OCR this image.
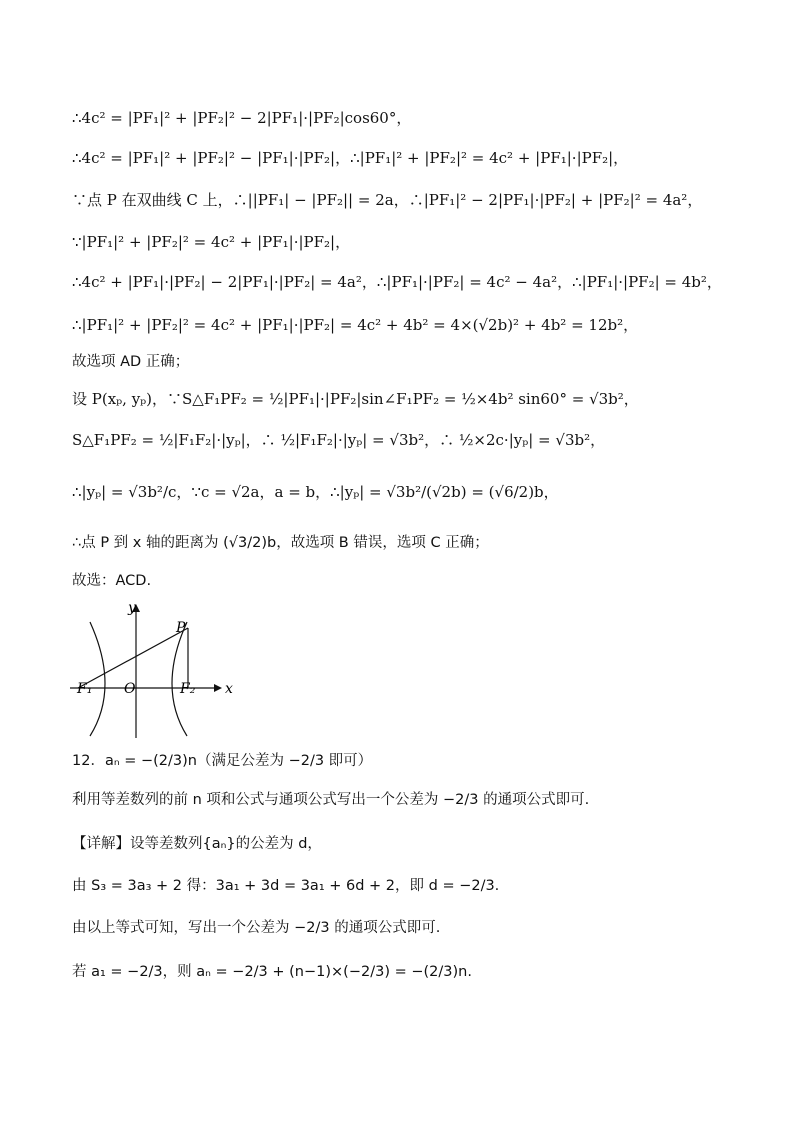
∴4c² = |PF₁|² + |PF₂|² − 2|PF₁|·|PF₂|cos60°，
∴4c² = |PF₁|² + |PF₂|² − |PF₁|·|PF₂|，∴|PF₁|² + |PF₂|² = 4c² + |PF₁|·|PF₂|，
∵点 P 在双曲线 C 上，∴||PF₁| − |PF₂|| = 2a，∴|PF₁|² − 2|PF₁|·|PF₂| + |PF₂|² = 4a²，
∵|PF₁|² + |PF₂|² = 4c² + |PF₁|·|PF₂|，
∴4c² + |PF₁|·|PF₂| − 2|PF₁|·|PF₂| = 4a²，∴|PF₁|·|PF₂| = 4c² − 4a²，∴|PF₁|·|PF₂| = 4b²，
∴|PF₁|² + |PF₂|² = 4c² + |PF₁|·|PF₂| = 4c² + 4b² = 4×(√2b)² + 4b² = 12b²，
故选项 AD 正确；
设 P(xₚ, yₚ)，∵S△F₁PF₂ = ½|PF₁|·|PF₂|sin∠F₁PF₂ = ½×4b² sin60° = √3b²，
S△F₁PF₂ = ½|F₁F₂|·|yₚ|，∴ ½|F₁F₂|·|yₚ| = √3b²，∴ ½×2c·|yₚ| = √3b²，
∴|yₚ| = √3b²/c，∵c = √2a，a = b，∴|yₚ| = √3b²/(√2b) = (√6/2)b，
∴点 P 到 x 轴的距离为 (√3/2)b，故选项 B 错误，选项 C 正确；
故选：ACD.
y
x
P
O
F₁	F₂
12．aₙ = −(2/3)n（满足公差为 −2/3 即可）
利用等差数列的前 n 项和公式与通项公式写出一个公差为 −2/3 的通项公式即可.
【详解】设等差数列{aₙ}的公差为 d，
由 S₃ = 3a₃ + 2 得：3a₁ + 3d = 3a₁ + 6d + 2，即 d = −2/3.
由以上等式可知，写出一个公差为 −2/3 的通项公式即可.
若 a₁ = −2/3，则 aₙ = −2/3 + (n−1)×(−2/3) = −(2/3)n.
